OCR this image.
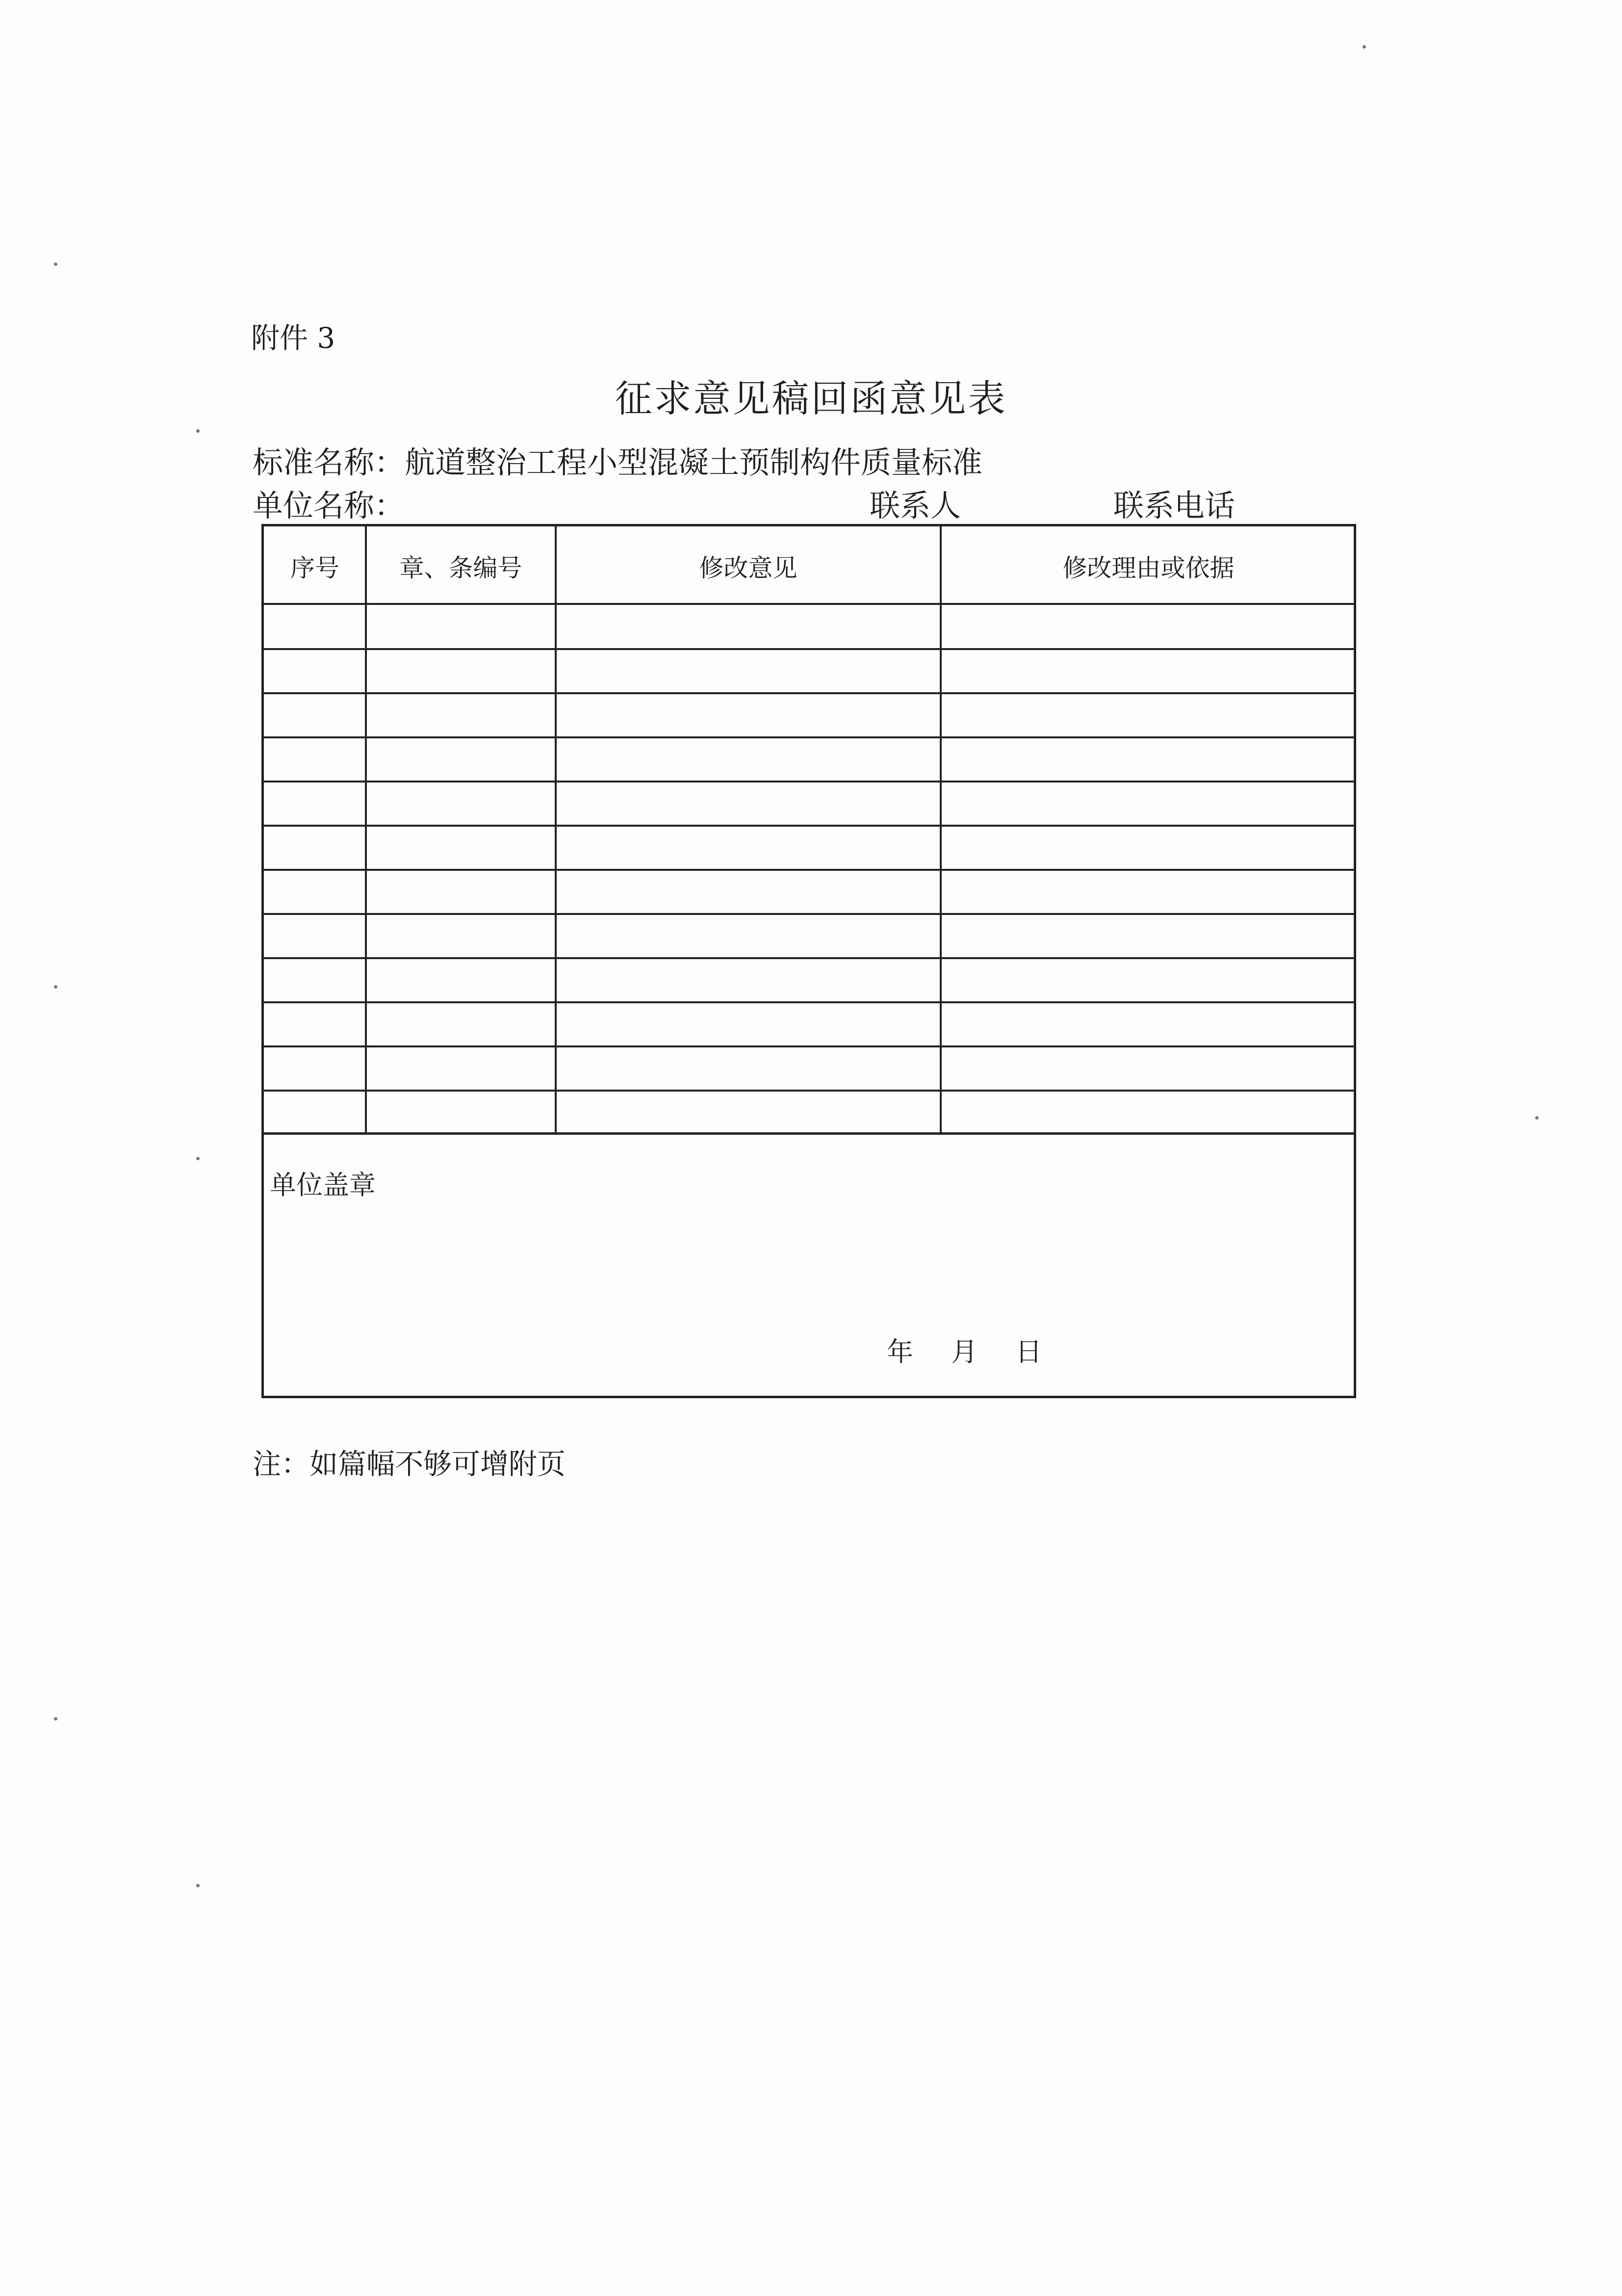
附件 3
征求意见稿回函意见表
标准名称：航道整治工程小型混凝土预制构件质量标准
单位名称：	联系人	联系电话
序号	章、条编号	修改意见	修改理由或依据
单位盖章
年 月 日
注：如篇幅不够可增附页
